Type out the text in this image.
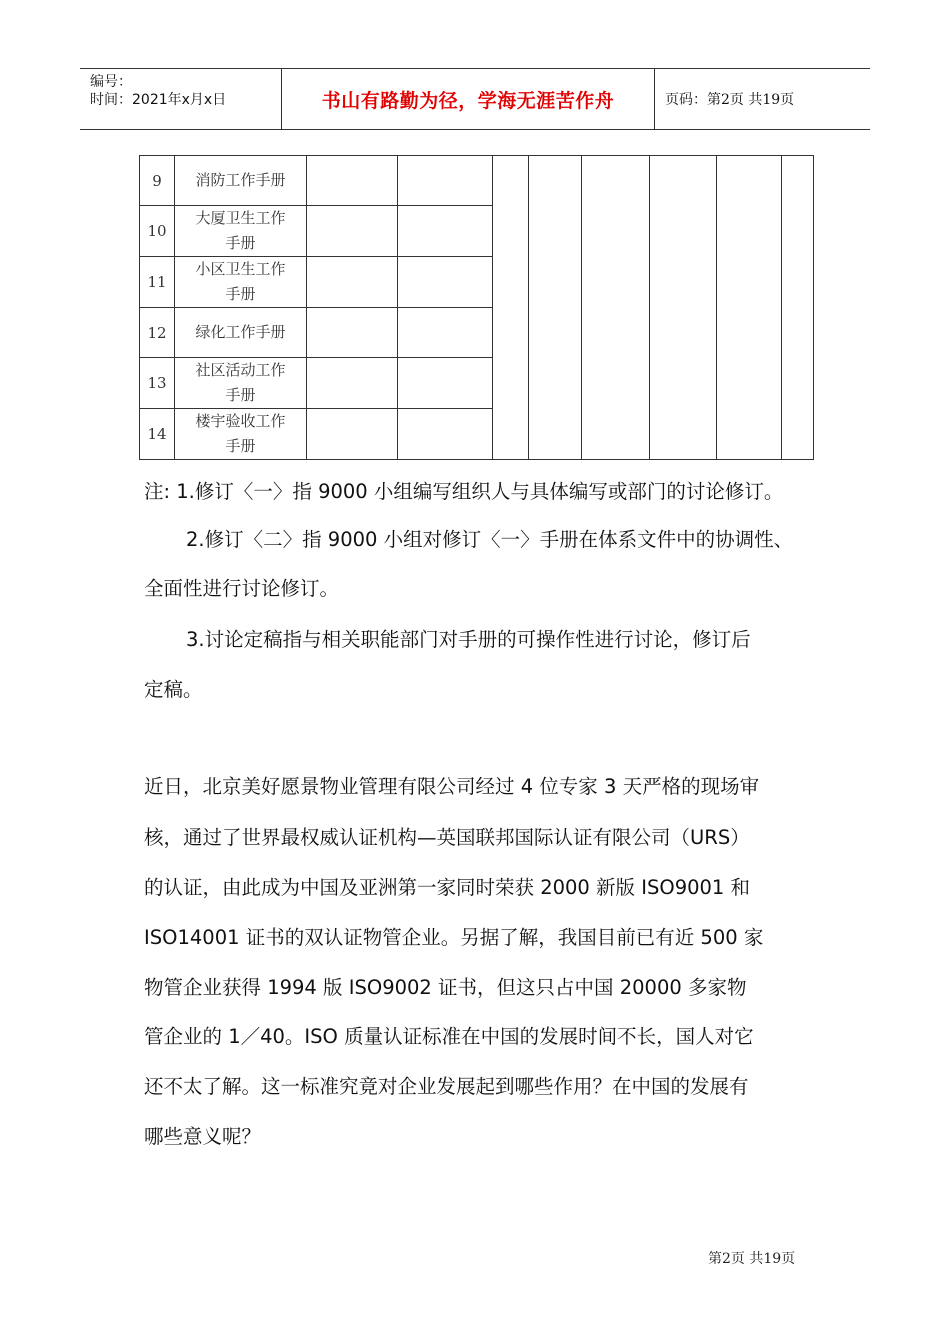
编号：
时间：2021年x月x日	书山有路勤为径，学海无涯苦作舟	页码：第2页 共19页
9	消防工作手册								

10	大厦卫生工作
手册								

11	小区卫生工作
手册								

12	绿化工作手册								

13	社区活动工作
手册								

14	楼宇验收工作
手册								

注: 1.修订〈一〉指 9000 小组编写组织人与具体编写或部门的讨论修订。
2.修订〈二〉指 9000 小组对修订〈一〉手册在体系文件中的协调性、
全面性进行讨论修订。
3.讨论定稿指与相关职能部门对手册的可操作性进行讨论，修订后
定稿。
近日，北京美好愿景物业管理有限公司经过 4 位专家 3 天严格的现场审
核，通过了世界最权威认证机构—英国联邦国际认证有限公司（URS）
的认证，由此成为中国及亚洲第一家同时荣获 2000 新版 ISO9001 和
ISO14001 证书的双认证物管企业。另据了解，我国目前已有近 500 家
物管企业获得 1994 版 ISO9002 证书，但这只占中国 20000 多家物
管企业的 1／40。ISO 质量认证标准在中国的发展时间不长，国人对它
还不太了解。这一标准究竟对企业发展起到哪些作用？在中国的发展有
哪些意义呢？
第2页 共19页
